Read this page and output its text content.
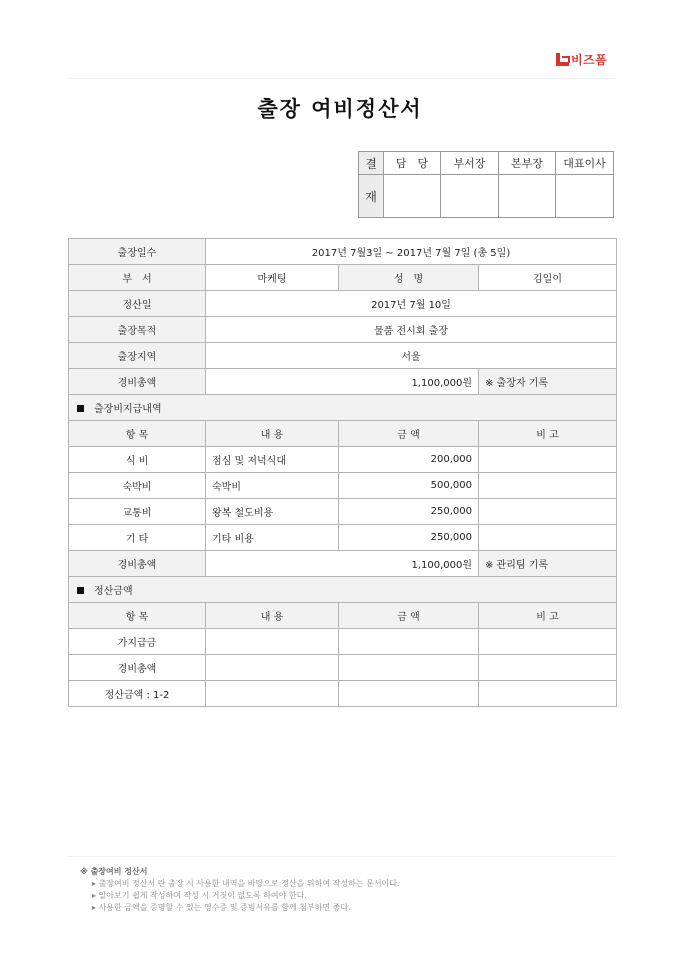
비즈폼
출장 여비정산서
결	담　당	부서장	본부장	대표이사
재				
출장일수	2017년 7월3일 ~ 2017년 7월 7일 (총 5일)		
부　서	마케팅	성　명	김일이
정산일	2017년 7월 10일		
출장목적	물품 전시회 출장		
출장지역	서울		
경비총액	1,100,000원		※ 출장자 기록
출장비지급내역			
항 목	내 용	금 액	비 고
식 비	점심 및 저녁식대	200,000	
숙박비	숙박비	500,000	
교통비	왕복 철도비용	250,000	
기 타	기타 비용	250,000	
경비총액	1,100,000원		※ 관리팀 기록
정산금액			
항 목	내 용	금 액	비 고
가지급금			
경비총액			
정산금액 : 1-2			
※ 출장여비 정산서
▸ 출장여비 정산서 란 출장 시 사용한 내역을 바탕으로 정산을 위하여 작성하는 문서이다.
▸ 알아보기 쉽게 작성하며 작성 시 거짓이 없도록 하여야 한다.
▸ 사용한 금액을 증명할 수 있는 영수증 및 증빙서유를 함께 첨부하면 좋다.
